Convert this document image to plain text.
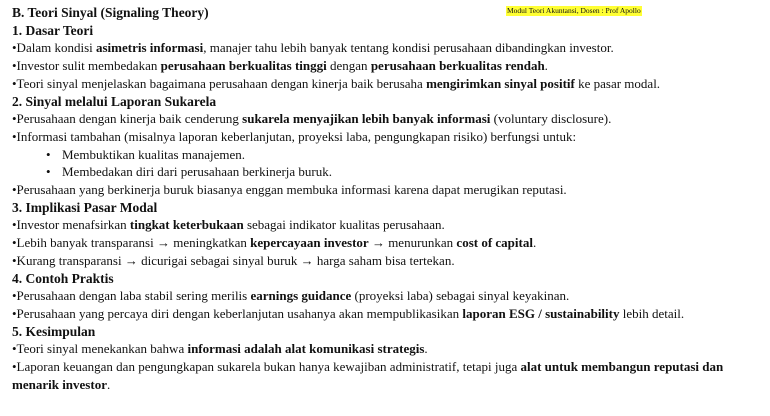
Modul Teori Akuntansi, Dosen : Prof Apollo
B. Teori Sinyal (Signaling Theory)
1. Dasar Teori
•Dalam kondisi asimetris informasi, manajer tahu lebih banyak tentang kondisi perusahaan dibandingkan investor.
•Investor sulit membedakan perusahaan berkualitas tinggi dengan perusahaan berkualitas rendah.
•Teori sinyal menjelaskan bagaimana perusahaan dengan kinerja baik berusaha mengirimkan sinyal positif ke pasar modal.
2. Sinyal melalui Laporan Sukarela
•Perusahaan dengan kinerja baik cenderung sukarela menyajikan lebih banyak informasi (voluntary disclosure).
•Informasi tambahan (misalnya laporan keberlanjutan, proyeksi laba, pengungkapan risiko) berfungsi untuk:
• Membuktikan kualitas manajemen.
• Membedakan diri dari perusahaan berkinerja buruk.
•Perusahaan yang berkinerja buruk biasanya enggan membuka informasi karena dapat merugikan reputasi.
3. Implikasi Pasar Modal
•Investor menafsirkan tingkat keterbukaan sebagai indikator kualitas perusahaan.
•Lebih banyak transparansi → meningkatkan kepercayaan investor → menurunkan cost of capital.
•Kurang transparansi → dicurigai sebagai sinyal buruk → harga saham bisa tertekan.
4. Contoh Praktis
•Perusahaan dengan laba stabil sering merilis earnings guidance (proyeksi laba) sebagai sinyal keyakinan.
•Perusahaan yang percaya diri dengan keberlanjutan usahanya akan mempublikasikan laporan ESG / sustainability lebih detail.
5. Kesimpulan
•Teori sinyal menekankan bahwa informasi adalah alat komunikasi strategis.
•Laporan keuangan dan pengungkapan sukarela bukan hanya kewajiban administratif, tetapi juga alat untuk membangun reputasi dan menarik investor.
